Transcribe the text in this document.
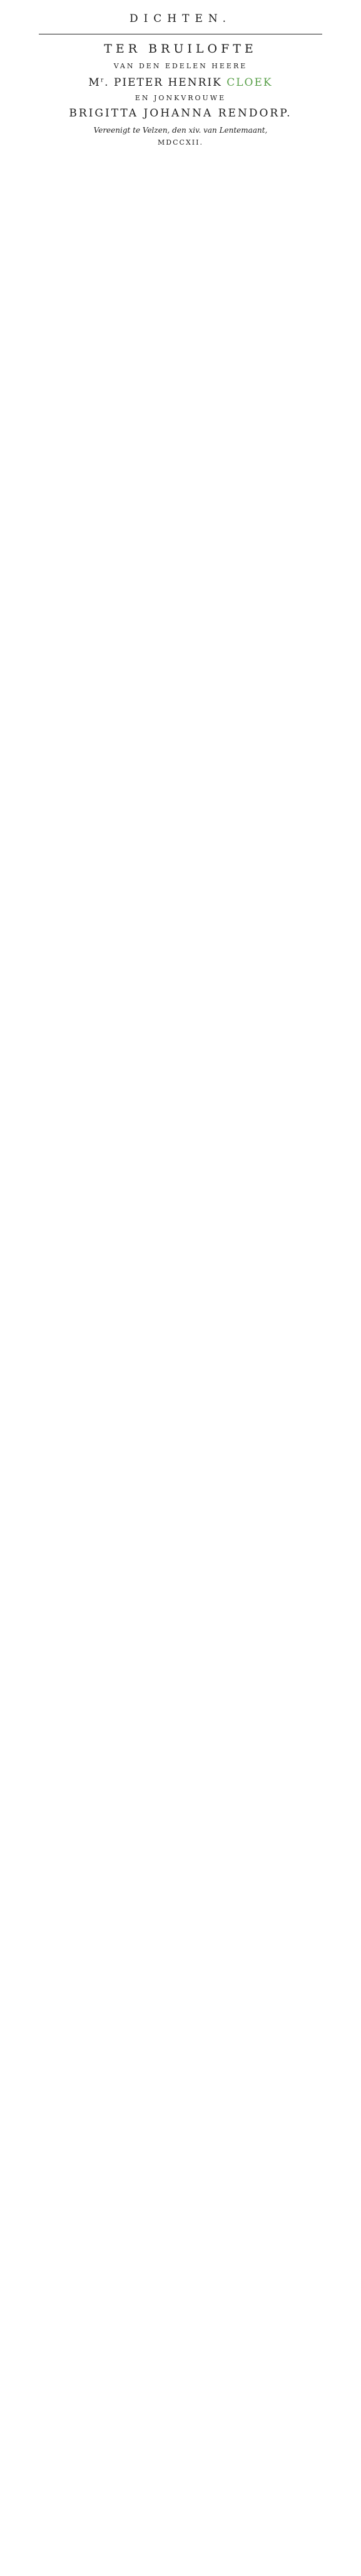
DICHTEN.
TER BRUILOFTE
VAN DEN EDELEN HEERE
$M^r$. PIETER HENRIK CLOEK
EN JONKVROUWE
BRIGITTA JOHANNA RENDORP.
Vereenigt te Velzen, den xiv. van Lentemaant,
MDCCXII.
